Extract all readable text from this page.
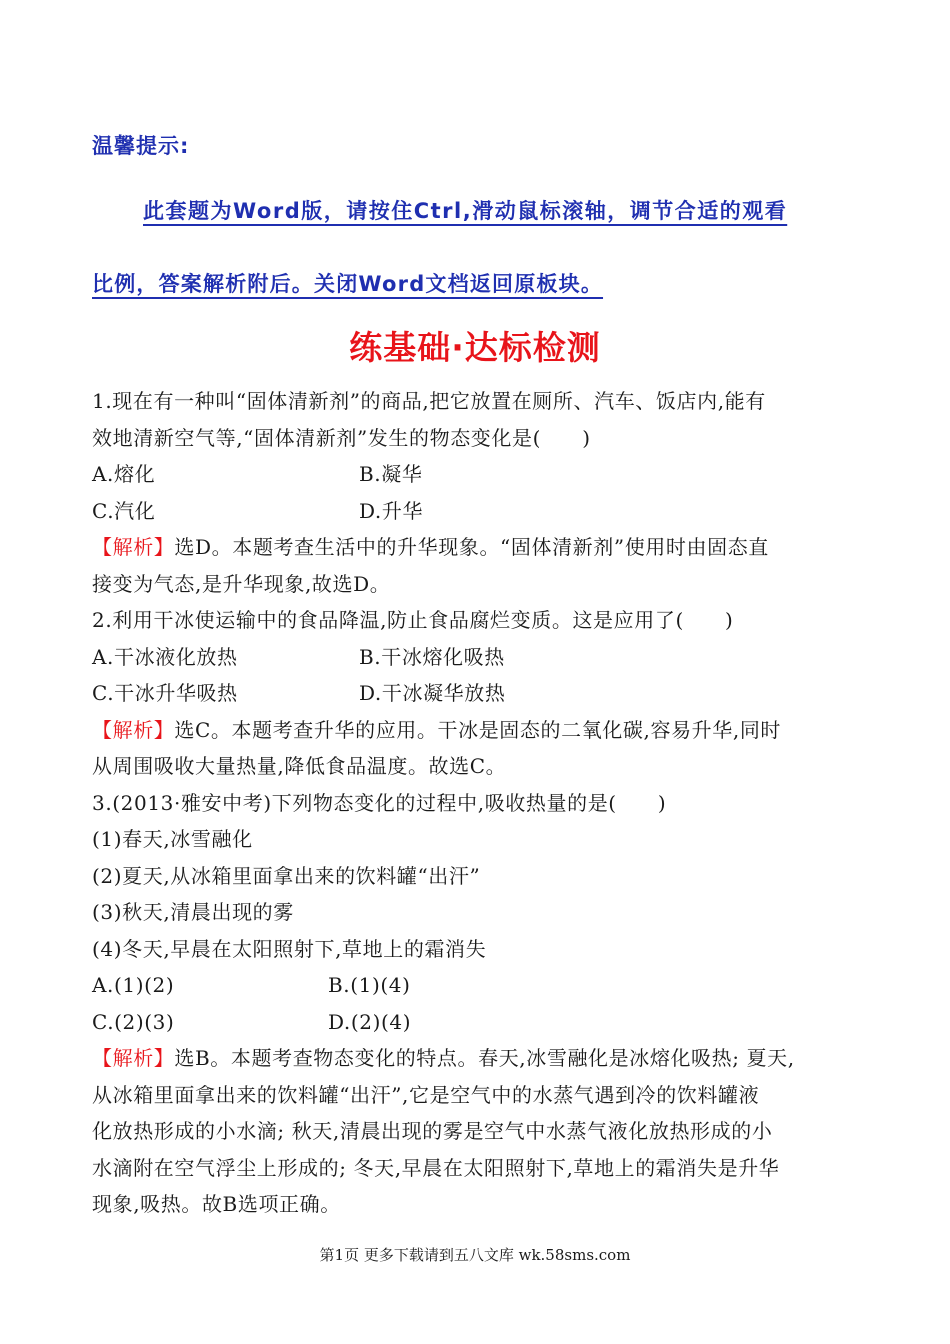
温馨提示:
此套题为Word版，请按住Ctrl,滑动鼠标滚轴，调节合适的观看
比例，答案解析附后。关闭Word文档返回原板块。
练基础·达标检测
1.现在有一种叫“固体清新剂”的商品,把它放置在厕所、汽车、饭店内,能有
效地清新空气等,“固体清新剂”发生的物态变化是(　　)
A.熔化	B.凝华
C.汽化	D.升华
【解析】选D。本题考查生活中的升华现象。“固体清新剂”使用时由固态直
接变为气态,是升华现象,故选D。
2.利用干冰使运输中的食品降温,防止食品腐烂变质。这是应用了(　　)
A.干冰液化放热	B.干冰熔化吸热
C.干冰升华吸热	D.干冰凝华放热
【解析】选C。本题考查升华的应用。干冰是固态的二氧化碳,容易升华,同时
从周围吸收大量热量,降低食品温度。故选C。
3.(2013·雅安中考)下列物态变化的过程中,吸收热量的是(　　)
(1)春天,冰雪融化
(2)夏天,从冰箱里面拿出来的饮料罐“出汗”
(3)秋天,清晨出现的雾
(4)冬天,早晨在太阳照射下,草地上的霜消失
A.(1)(2)	B.(1)(4)
C.(2)(3)	D.(2)(4)
【解析】选B。本题考查物态变化的特点。春天,冰雪融化是冰熔化吸热; 夏天,
从冰箱里面拿出来的饮料罐“出汗”,它是空气中的水蒸气遇到冷的饮料罐液
化放热形成的小水滴; 秋天,清晨出现的雾是空气中水蒸气液化放热形成的小
水滴附在空气浮尘上形成的; 冬天,早晨在太阳照射下,草地上的霜消失是升华
现象,吸热。故B选项正确。
第1页 更多下载请到五八文库 wk.58sms.com
